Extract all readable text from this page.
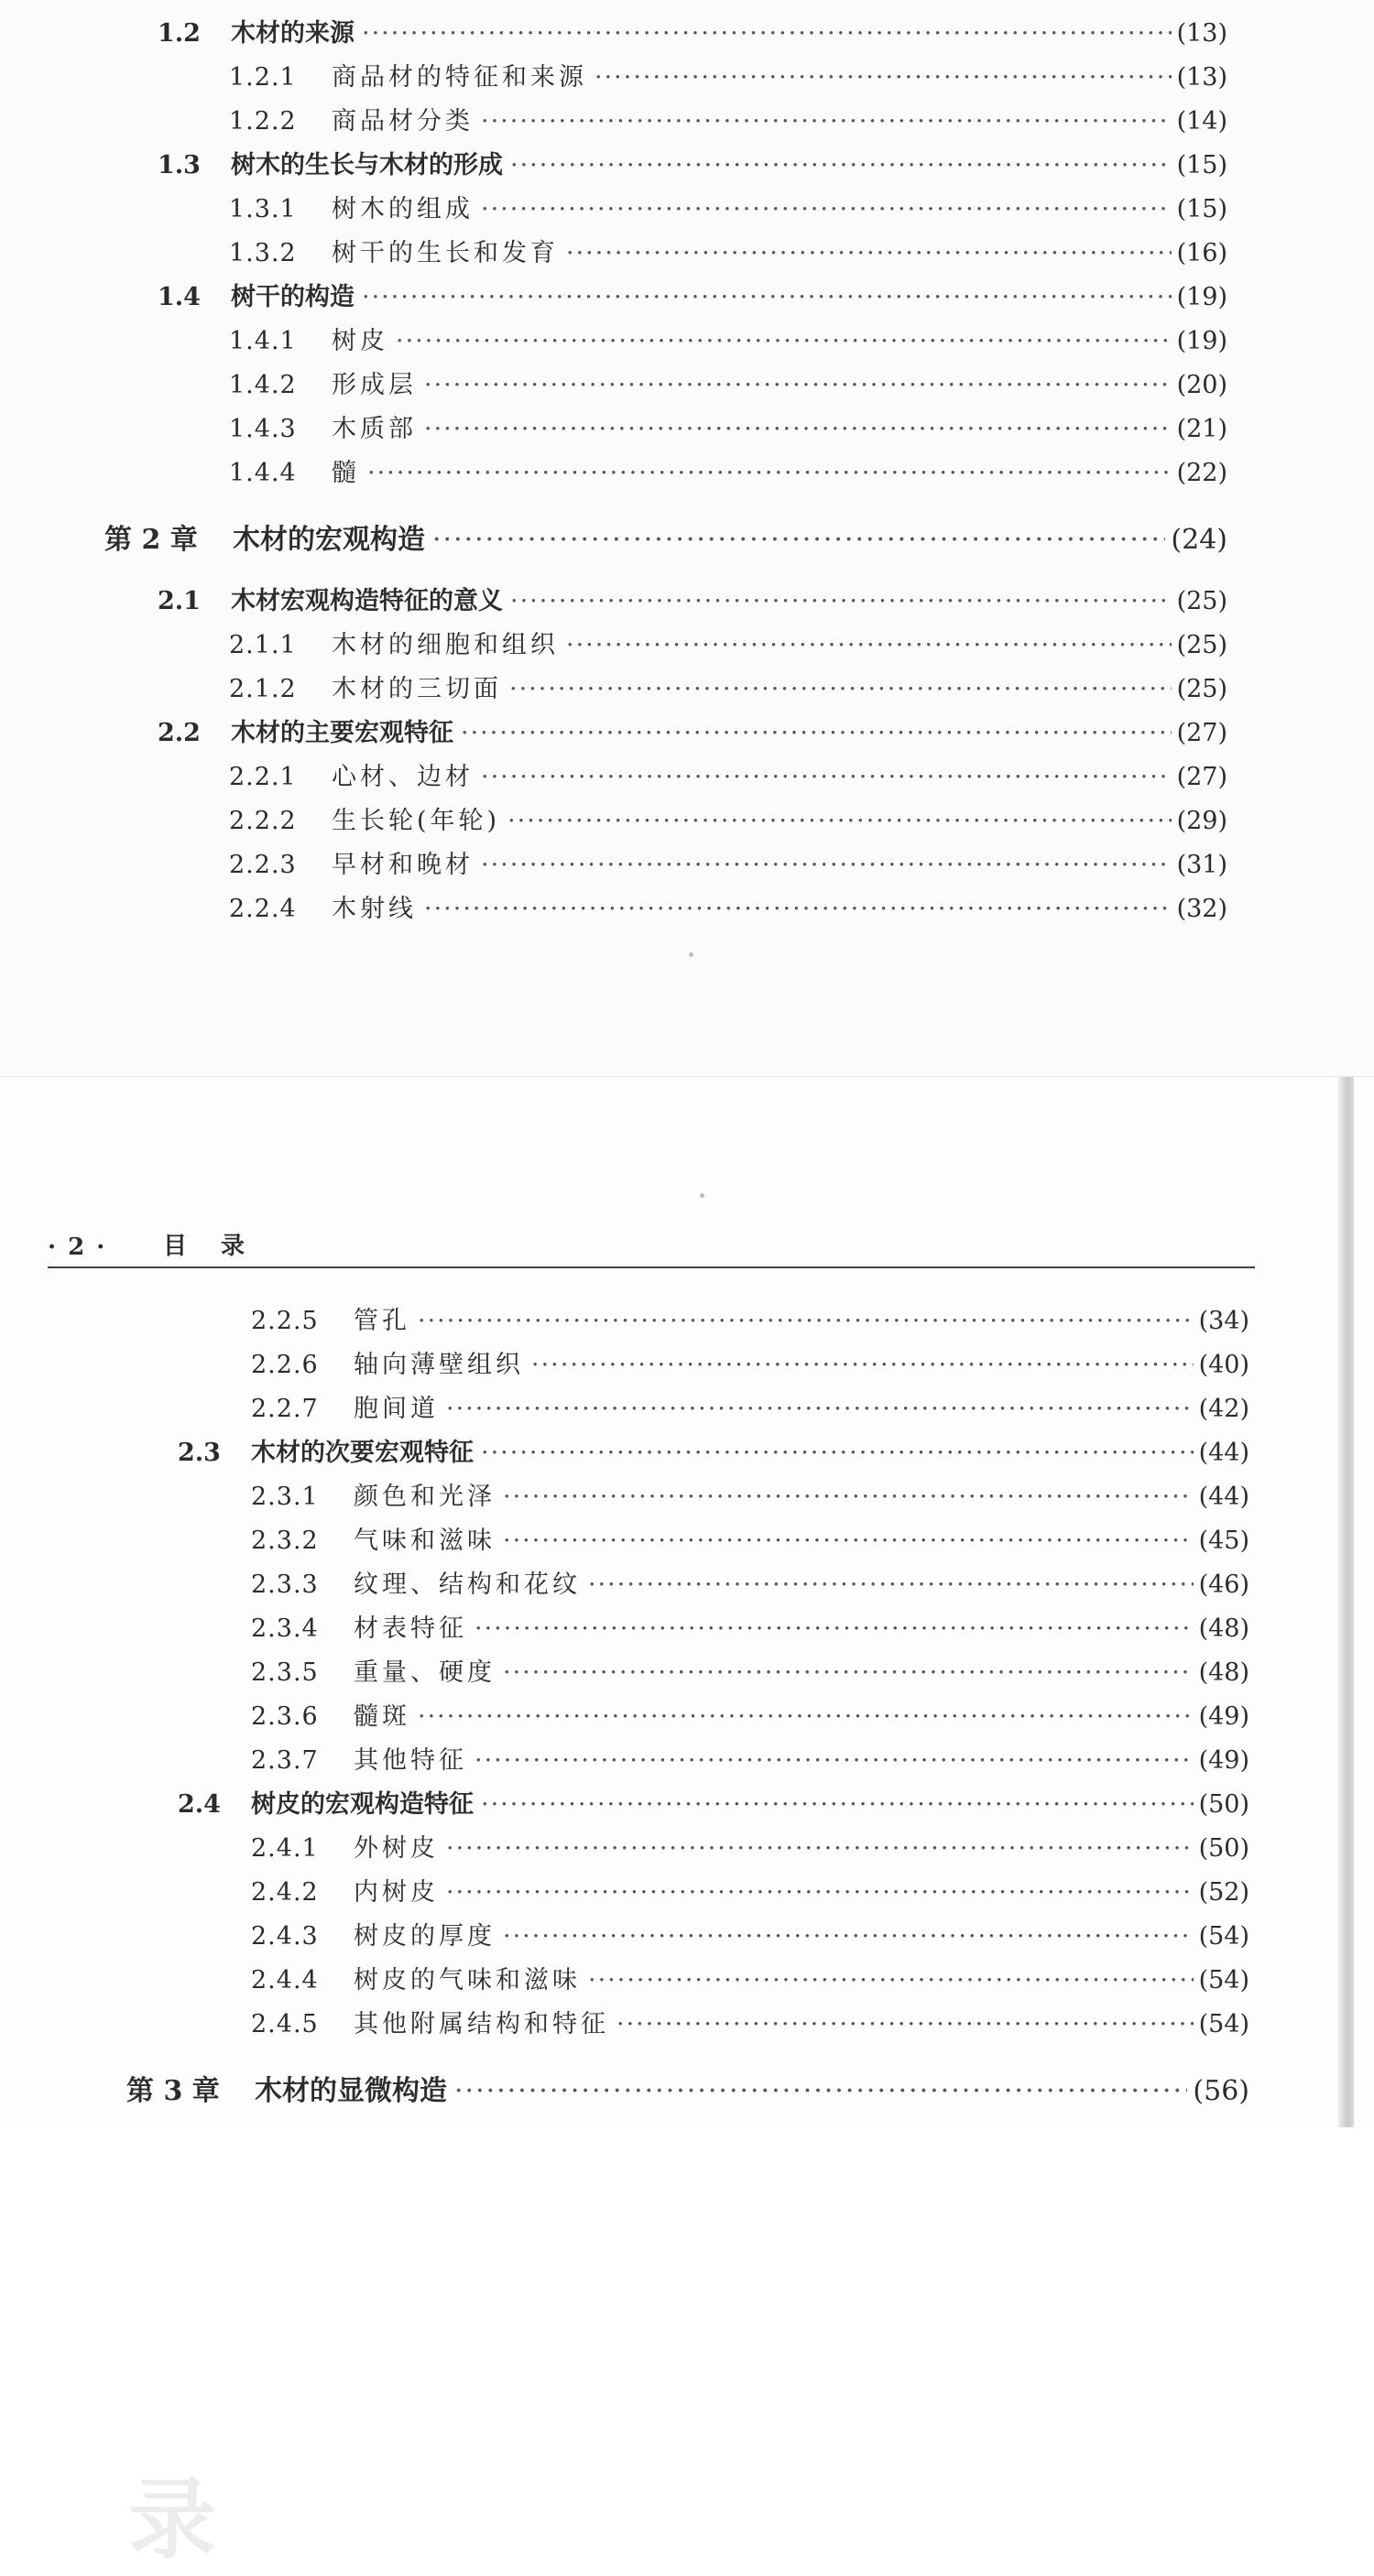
1.2	木材的来源 ·····	(13)
1.2.1	商品材的特征和来源 ·····	(13)
1.2.2	商品材分类 ·····	(14)
1.3	树木的生长与木材的形成 ·····	(15)
1.3.1	树木的组成 ·····	(15)
1.3.2	树干的生长和发育 ·····	(16)
1.4	树干的构造 ·····	(19)
1.4.1	树皮 ·····	(19)
1.4.2	形成层 ·····	(20)
1.4.3	木质部 ·····	(21)
1.4.4	髓 ·····	(22)
第 2 章	木材的宏观构造 ·····	(24)
2.1	木材宏观构造特征的意义 ·····	(25)
2.1.1	木材的细胞和组织 ·····	(25)
2.1.2	木材的三切面 ·····	(25)
2.2	木材的主要宏观特征 ·····	(27)
2.2.1	心材、边材 ·····	(27)
2.2.2	生长轮(年轮) ·····	(29)
2.2.3	早材和晚材 ·····	(31)
2.2.4	木射线 ·····	(32)
录
· 2 · 目 录
2.2.5	管孔 ·····	(34)
2.2.6	轴向薄壁组织 ·····	(40)
2.2.7	胞间道 ·····	(42)
2.3	木材的次要宏观特征 ·····	(44)
2.3.1	颜色和光泽 ·····	(44)
2.3.2	气味和滋味 ·····	(45)
2.3.3	纹理、结构和花纹 ·····	(46)
2.3.4	材表特征 ·····	(48)
2.3.5	重量、硬度 ·····	(48)
2.3.6	髓斑 ·····	(49)
2.3.7	其他特征 ·····	(49)
2.4	树皮的宏观构造特征 ·····	(50)
2.4.1	外树皮 ·····	(50)
2.4.2	内树皮 ·····	(52)
2.4.3	树皮的厚度 ·····	(54)
2.4.4	树皮的气味和滋味 ·····	(54)
2.4.5	其他附属结构和特征 ·····	(54)
第 3 章	木材的显微构造 ·····	(56)
